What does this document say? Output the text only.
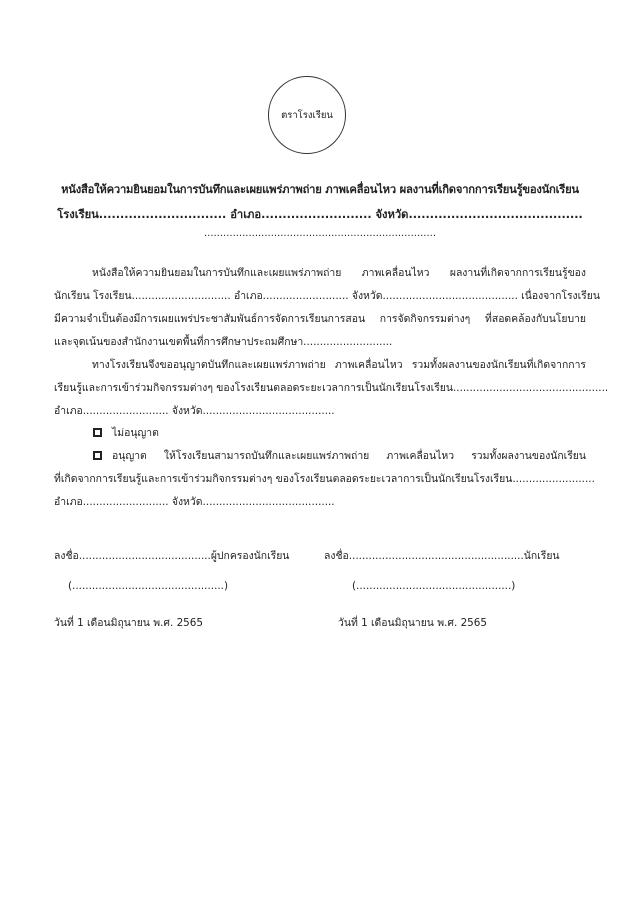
ตราโรงเรียน
หนังสือให้ความยินยอมในการบันทึกและเผยแพร่ภาพถ่าย ภาพเคลื่อนไหว ผลงานที่เกิดจากการเรียนรู้ของนักเรียน
โรงเรียน.............................. อำเภอ.......................... จังหวัด.........................................
.........................................................................
หนังสือให้ความยินยอมในการบันทึกและเผยแพร่ภาพถ่าย ภาพเคลื่อนไหว ผลงานที่เกิดจากการเรียนรู้ของ
นักเรียน โรงเรียน.............................. อำเภอ.......................... จังหวัด......................................... เนื่องจากโรงเรียน
มีความจำเป็นต้องมีการเผยแพร่ประชาสัมพันธ์การจัดการเรียนการสอน การจัดกิจกรรมต่างๆ ที่สอดคล้องกับนโยบาย
และจุดเน้นของสำนักงานเขตพื้นที่การศึกษาประถมศึกษา...........................
ทางโรงเรียนจึงขออนุญาตบันทึกและเผยแพร่ภาพถ่าย ภาพเคลื่อนไหว รวมทั้งผลงานของนักเรียนที่เกิดจากการ
เรียนรู้และการเข้าร่วมกิจกรรมต่างๆ ของโรงเรียนตลอดระยะเวลาการเป็นนักเรียนโรงเรียน...............................................
อำเภอ.......................... จังหวัด........................................
ไม่อนุญาต
อนุญาต ให้โรงเรียนสามารถบันทึกและเผยแพร่ภาพถ่าย ภาพเคลื่อนไหว รวมทั้งผลงานของนักเรียน
ที่เกิดจากการเรียนรู้และการเข้าร่วมกิจกรรมต่างๆ ของโรงเรียนตลอดระยะเวลาการเป็นนักเรียนโรงเรียน.........................
อำเภอ.......................... จังหวัด........................................
ลงชื่อ........................................ผู้ปกครองนักเรียน
(..............................................)
วันที่ 1 เดือนมิถุนายน พ.ศ. 2565
ลงชื่อ.....................................................นักเรียน
(...............................................)
วันที่ 1 เดือนมิถุนายน พ.ศ. 2565
